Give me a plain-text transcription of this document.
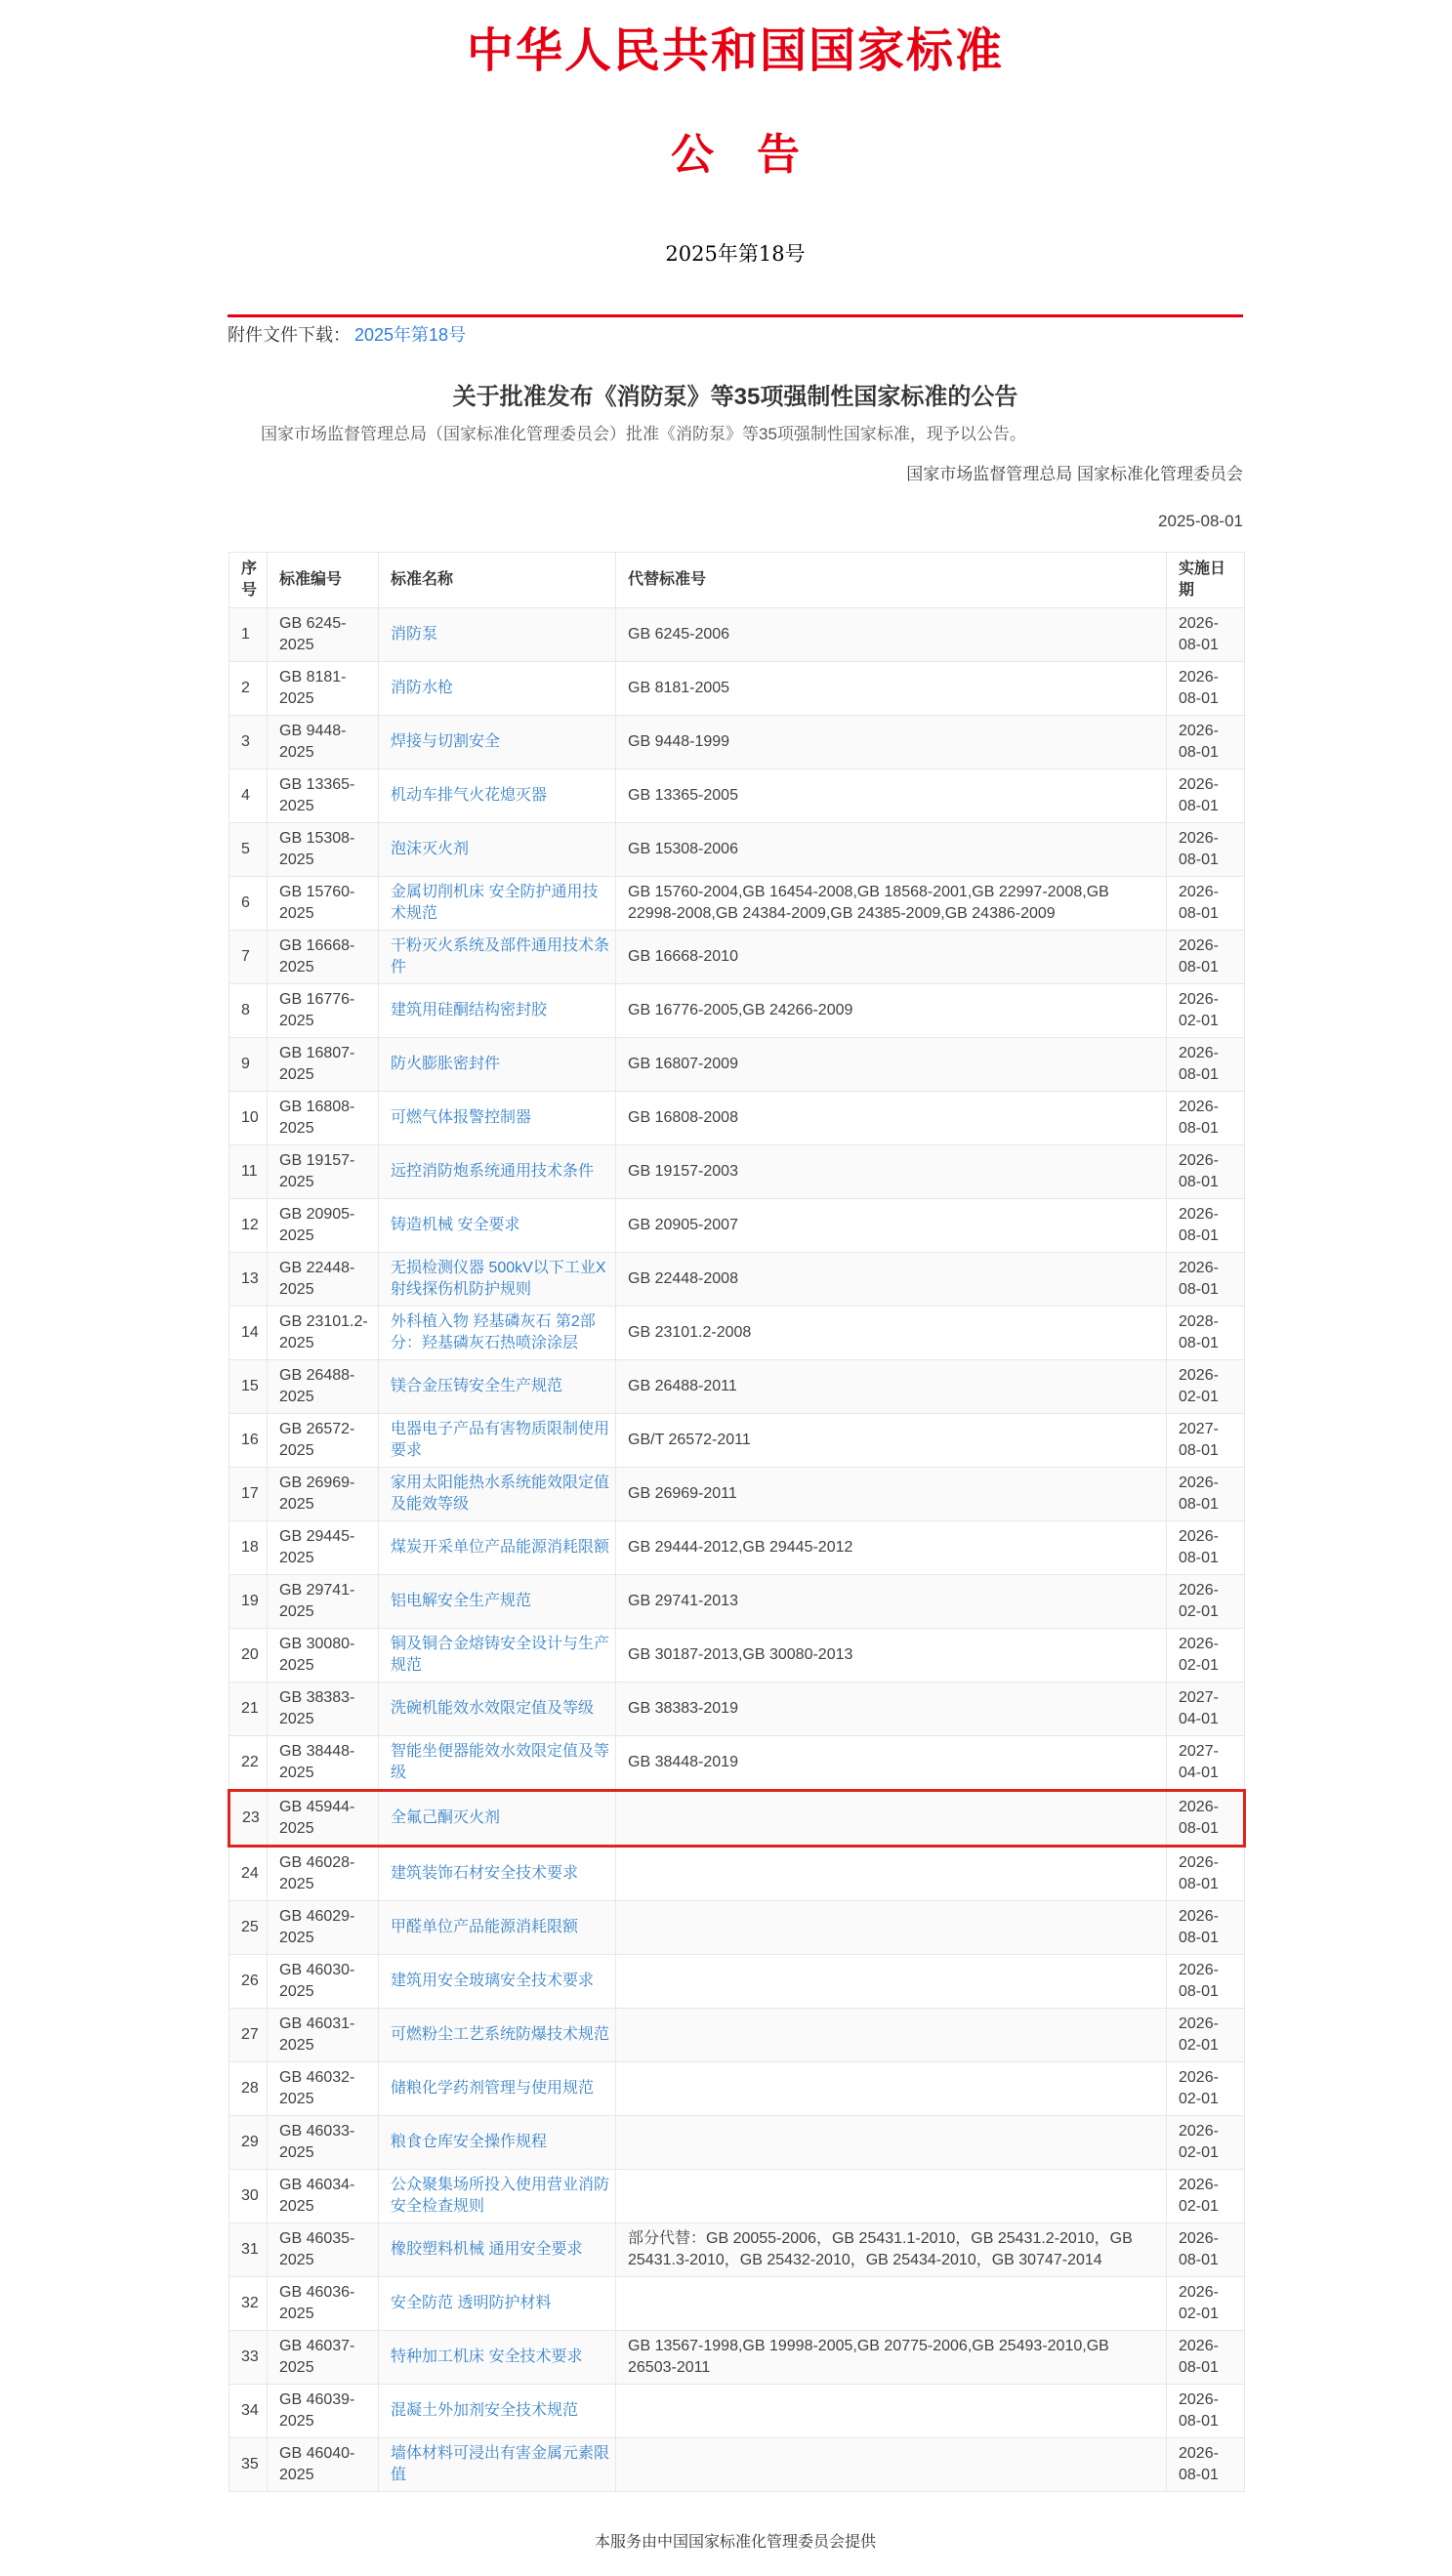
中华人民共和国国家标准
公　告
2025年第18号
附件文件下载： 2025年第18号
关于批准发布《消防泵》等35项强制性国家标准的公告

国家市场监督管理总局（国家标准化管理委员会）批准《消防泵》等35项强制性国家标准，现予以公告。

国家市场监督管理总局 国家标准化管理委员会
2025-08-01
序号	标准编号	标准名称	代替标准号	实施日期
1	GB 6245-2025	消防泵	GB 6245-2006	2026-08-01
2	GB 8181-2025	消防水枪	GB 8181-2005	2026-08-01
3	GB 9448-2025	焊接与切割安全	GB 9448-1999	2026-08-01
4	GB 13365-2025	机动车排气火花熄灭器	GB 13365-2005	2026-08-01
5	GB 15308-2025	泡沫灭火剂	GB 15308-2006	2026-08-01
6	GB 15760-2025	金属切削机床 安全防护通用技术规范	GB 15760-2004,GB 16454-2008,GB 18568-2001,GB 22997-2008,GB 22998-2008,GB 24384-2009,GB 24385-2009,GB 24386-2009	2026-08-01
7	GB 16668-2025	干粉灭火系统及部件通用技术条件	GB 16668-2010	2026-08-01
8	GB 16776-2025	建筑用硅酮结构密封胶	GB 16776-2005,GB 24266-2009	2026-02-01
9	GB 16807-2025	防火膨胀密封件	GB 16807-2009	2026-08-01
10	GB 16808-2025	可燃气体报警控制器	GB 16808-2008	2026-08-01
11	GB 19157-2025	远控消防炮系统通用技术条件	GB 19157-2003	2026-08-01
12	GB 20905-2025	铸造机械 安全要求	GB 20905-2007	2026-08-01
13	GB 22448-2025	无损检测仪器 500kV以下工业X射线探伤机防护规则	GB 22448-2008	2026-08-01
14	GB 23101.2-2025	外科植入物 羟基磷灰石 第2部分：羟基磷灰石热喷涂涂层	GB 23101.2-2008	2028-08-01
15	GB 26488-2025	镁合金压铸安全生产规范	GB 26488-2011	2026-02-01
16	GB 26572-2025	电器电子产品有害物质限制使用要求	GB/T 26572-2011	2027-08-01
17	GB 26969-2025	家用太阳能热水系统能效限定值及能效等级	GB 26969-2011	2026-08-01
18	GB 29445-2025	煤炭开采单位产品能源消耗限额	GB 29444-2012,GB 29445-2012	2026-08-01
19	GB 29741-2025	铝电解安全生产规范	GB 29741-2013	2026-02-01
20	GB 30080-2025	铜及铜合金熔铸安全设计与生产规范	GB 30187-2013,GB 30080-2013	2026-02-01
21	GB 38383-2025	洗碗机能效水效限定值及等级	GB 38383-2019	2027-04-01
22	GB 38448-2025	智能坐便器能效水效限定值及等级	GB 38448-2019	2027-04-01
23	GB 45944-2025	全氟己酮灭火剂		2026-08-01
24	GB 46028-2025	建筑装饰石材安全技术要求		2026-08-01
25	GB 46029-2025	甲醛单位产品能源消耗限额		2026-08-01
26	GB 46030-2025	建筑用安全玻璃安全技术要求		2026-08-01
27	GB 46031-2025	可燃粉尘工艺系统防爆技术规范		2026-02-01
28	GB 46032-2025	储粮化学药剂管理与使用规范		2026-02-01
29	GB 46033-2025	粮食仓库安全操作规程		2026-02-01
30	GB 46034-2025	公众聚集场所投入使用营业消防安全检查规则		2026-02-01
31	GB 46035-2025	橡胶塑料机械 通用安全要求	部分代替：GB 20055-2006，GB 25431.1-2010，GB 25431.2-2010，GB 25431.3-2010，GB 25432-2010，GB 25434-2010，GB 30747-2014	2026-08-01
32	GB 46036-2025	安全防范 透明防护材料		2026-02-01
33	GB 46037-2025	特种加工机床 安全技术要求	GB 13567-1998,GB 19998-2005,GB 20775-2006,GB 25493-2010,GB 26503-2011	2026-08-01
34	GB 46039-2025	混凝土外加剂安全技术规范		2026-08-01
35	GB 46040-2025	墙体材料可浸出有害金属元素限值		2026-08-01
本服务由中国国家标准化管理委员会提供
